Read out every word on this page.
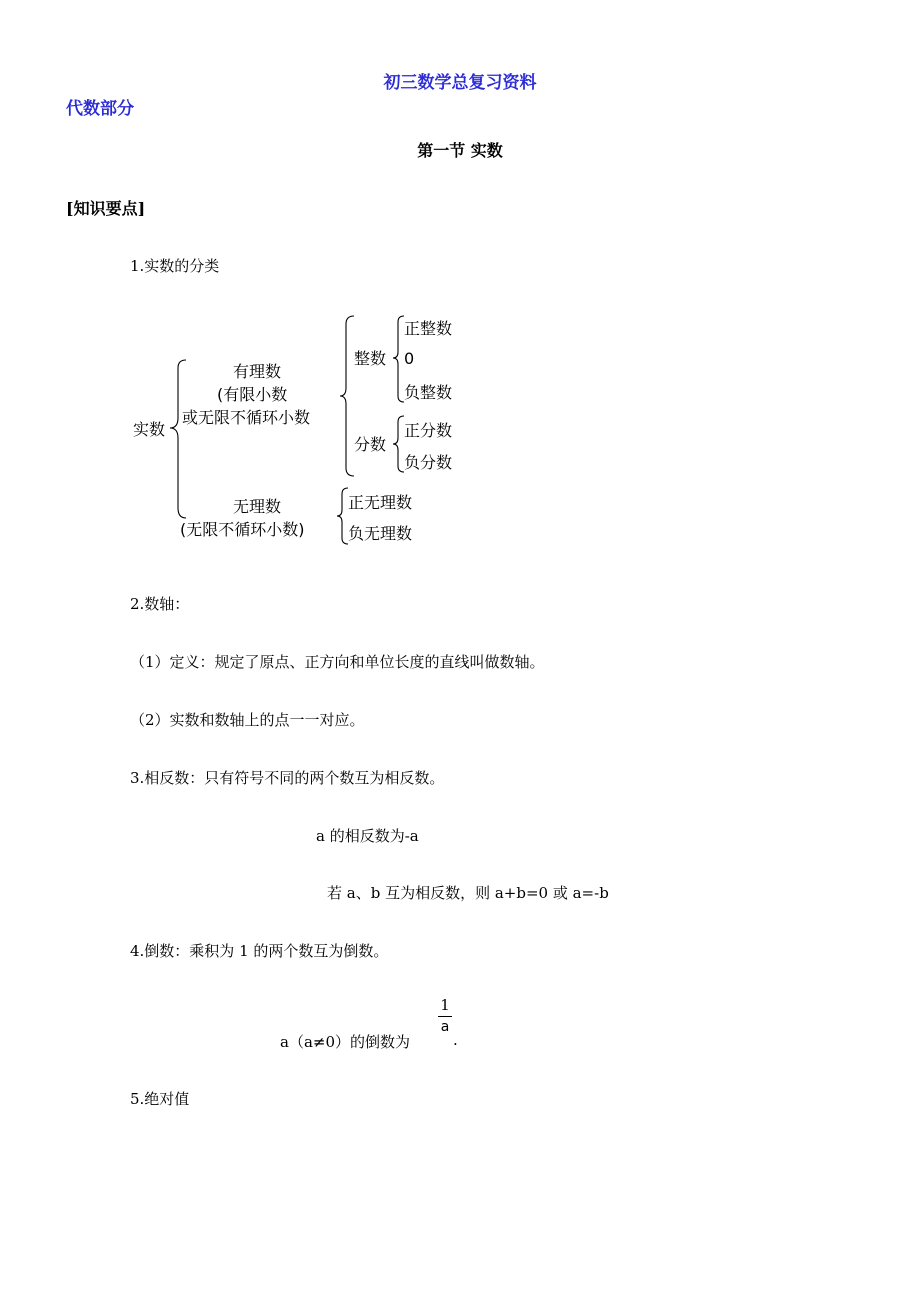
初三数学总复习资料
代数部分
第一节 实数
[知识要点]
1.实数的分类
实数
有理数
(有限小数
或无限不循环小数
整数
正整数
0
负整数
分数
正分数
负分数
无理数
(无限不循环小数)
正无理数
负无理数
2.数轴：
（1）定义：规定了原点、正方向和单位长度的直线叫做数轴。
（2）实数和数轴上的点一一对应。
3.相反数：只有符号不同的两个数互为相反数。
a 的相反数为-a
若 a、b 互为相反数，则 a+b=0 或 a=-b
4.倒数：乘积为 1 的两个数互为倒数。
a（a≠0）的倒数为
$\frac{1}{a}$
.
5.绝对值
